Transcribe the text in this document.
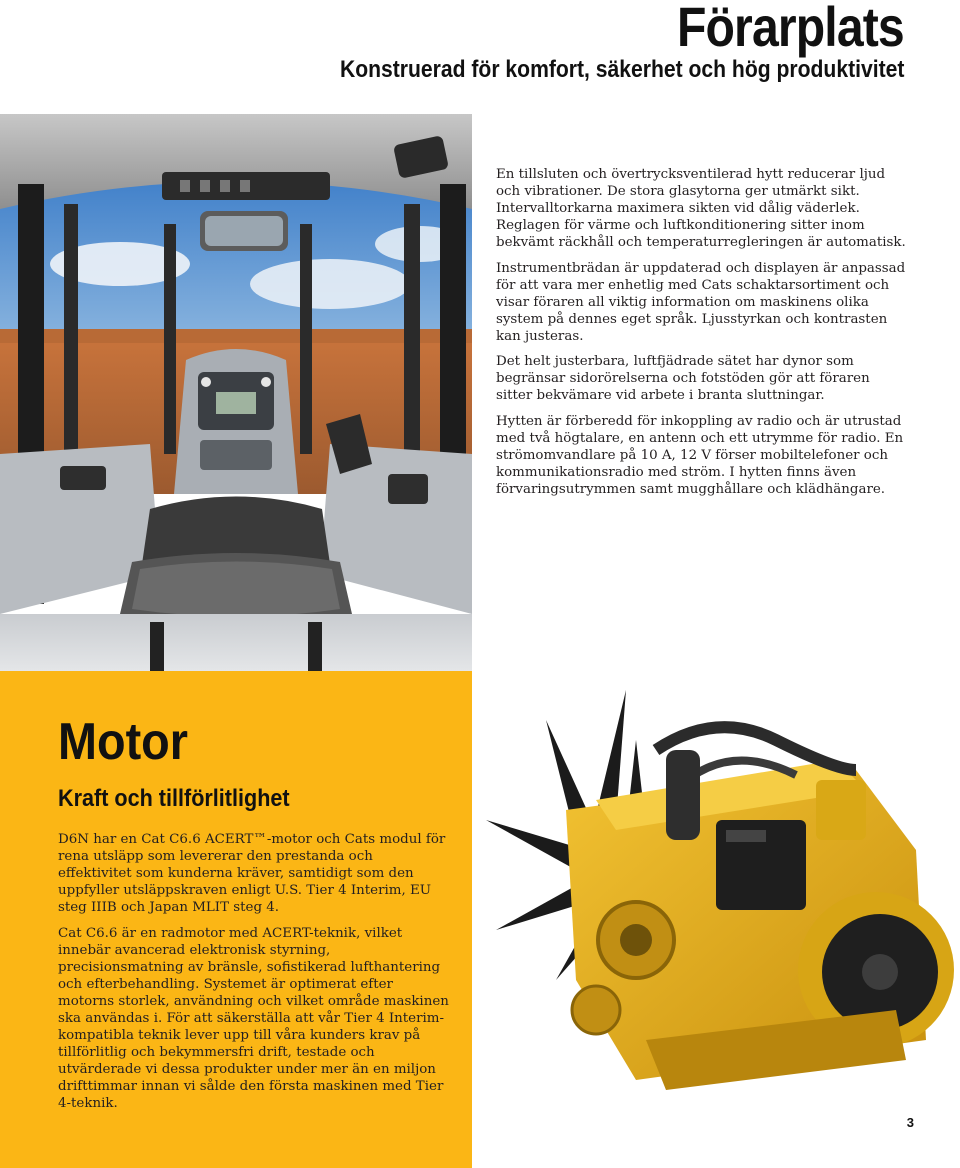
Förarplats
Konstruerad för komfort, säkerhet och hög produktivitet

En tillsluten och övertrycksventilerad hytt reducerar ljud och vibrationer. De stora glasytorna ger utmärkt sikt. Intervalltorkarna maximera sikten vid dålig väderlek. Reglagen för värme och luftkonditionering sitter inom bekvämt räckhåll och temperaturregleringen är automatisk.

Instrumentbrädan är uppdaterad och displayen är anpassad för att vara mer enhetlig med Cats schaktarsortiment och visar föraren all viktig information om maskinens olika system på dennes eget språk. Ljusstyrkan och kontrasten kan justeras.

Det helt justerbara, luftfjädrade sätet har dynor som begränsar sidorörelserna och fotstöden gör att föraren sitter bekvämare vid arbete i branta sluttningar.

Hytten är förberedd för inkoppling av radio och är utrustad med två högtalare, en antenn och ett utrymme för radio. En strömomvandlare på 10 A, 12 V förser mobiltelefoner och kommunikationsradio med ström. I hytten finns även förvaringsutrymmen samt mugghållare och klädhängare.

Motor
Kraft och tillförlitlighet

D6N har en Cat C6.6 ACERT™-motor och Cats modul för rena utsläpp som levererar den prestanda och effektivitet som kunderna kräver, samtidigt som den uppfyller utsläppskraven enligt U.S. Tier 4 Interim, EU steg IIIB och Japan MLIT steg 4.

Cat C6.6 är en radmotor med ACERT-teknik, vilket innebär avancerad elektronisk styrning, precisionsmatning av bränsle, sofistikerad lufthantering och efterbehandling. Systemet är optimerat efter motorns storlek, användning och vilket område maskinen ska användas i. För att säkerställa att vår Tier 4 Interim-kompatibla teknik lever upp till våra kunders krav på tillförlitlig och bekymmersfri drift, testade och utvärderade vi dessa produkter under mer än en miljon drifttimmar innan vi sålde den första maskinen med Tier 4-teknik.

3
